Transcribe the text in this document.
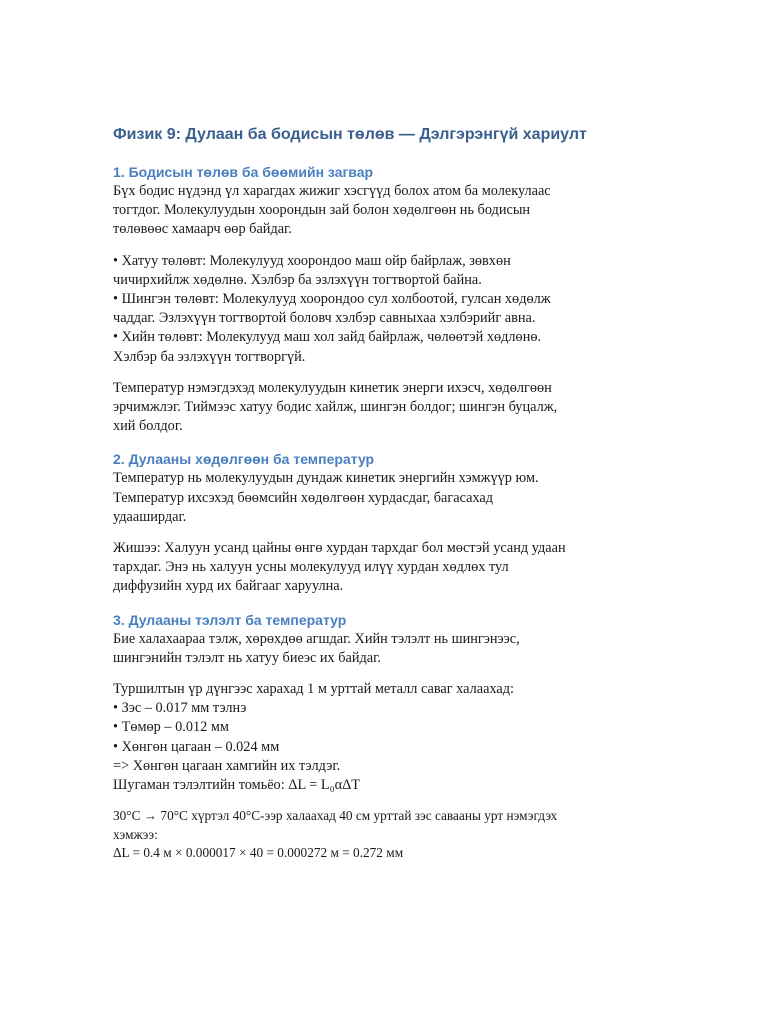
Физик 9: Дулаан ба бодисын төлөв — Дэлгэрэнгүй хариулт
1. Бодисын төлөв ба бөөмийн загвар

Бүх бодис нүдэнд үл харагдах жижиг хэсгүүд болох атом ба молекулаас
тогтдог. Молекулуудын хоорондын зай болон хөдөлгөөн нь бодисын
төлөвөөс хамаарч өөр байдаг.

• Хатуу төлөвт: Молекулууд хоорондоо маш ойр байрлаж, зөвхөн
чичирхийлж хөдөлнө. Хэлбэр ба эзлэхүүн тогтвортой байна.
• Шингэн төлөвт: Молекулууд хоорондоо сул холбоотой, гулсан хөдөлж
чаддаг. Эзлэхүүн тогтвортой боловч хэлбэр савныхаа хэлбэрийг авна.
• Хийн төлөвт: Молекулууд маш хол зайд байрлаж, чөлөөтэй хөдлөнө.
Хэлбэр ба эзлэхүүн тогтворгүй.

Температур нэмэгдэхэд молекулуудын кинетик энерги ихэсч, хөдөлгөөн
эрчимжлэг. Тиймээс хатуу бодис хайлж, шингэн болдог; шингэн буцалж,
хий болдог.

2. Дулааны хөдөлгөөн ба температур

Температур нь молекулуудын дундаж кинетик энергийн хэмжүүр юм.
Температур ихсэхэд бөөмсийн хөдөлгөөн хурдасдаг, багасахад
удааширдаг.

Жишээ: Халуун усанд цайны өнгө хурдан тархдаг бол мөстэй усанд удаан
тархдаг. Энэ нь халуун усны молекулууд илүү хурдан хөдлөх тул
диффузийн хурд их байгааг харуулна.

3. Дулааны тэлэлт ба температур

Бие халахаараа тэлж, хөрөхдөө агшдаг. Хийн тэлэлт нь шингэнээс,
шингэнийн тэлэлт нь хатуу биеэс их байдаг.

Туршилтын үр дүнгээс харахад 1 м урттай металл саваг халаахад:
• Зэс – 0.017 мм тэлнэ
• Төмөр – 0.012 мм
• Хөнгөн цагаан – 0.024 мм
=> Хөнгөн цагаан хамгийн их тэлдэг.
Шугаман тэлэлтийн томьёо: ΔL = L₀αΔT

30°C → 70°C хүртэл 40°C-ээр халаахад 40 см урттай зэс савааны урт нэмэгдэх
хэмжээ:
ΔL = 0.4 м × 0.000017 × 40 = 0.000272 м = 0.272 мм
